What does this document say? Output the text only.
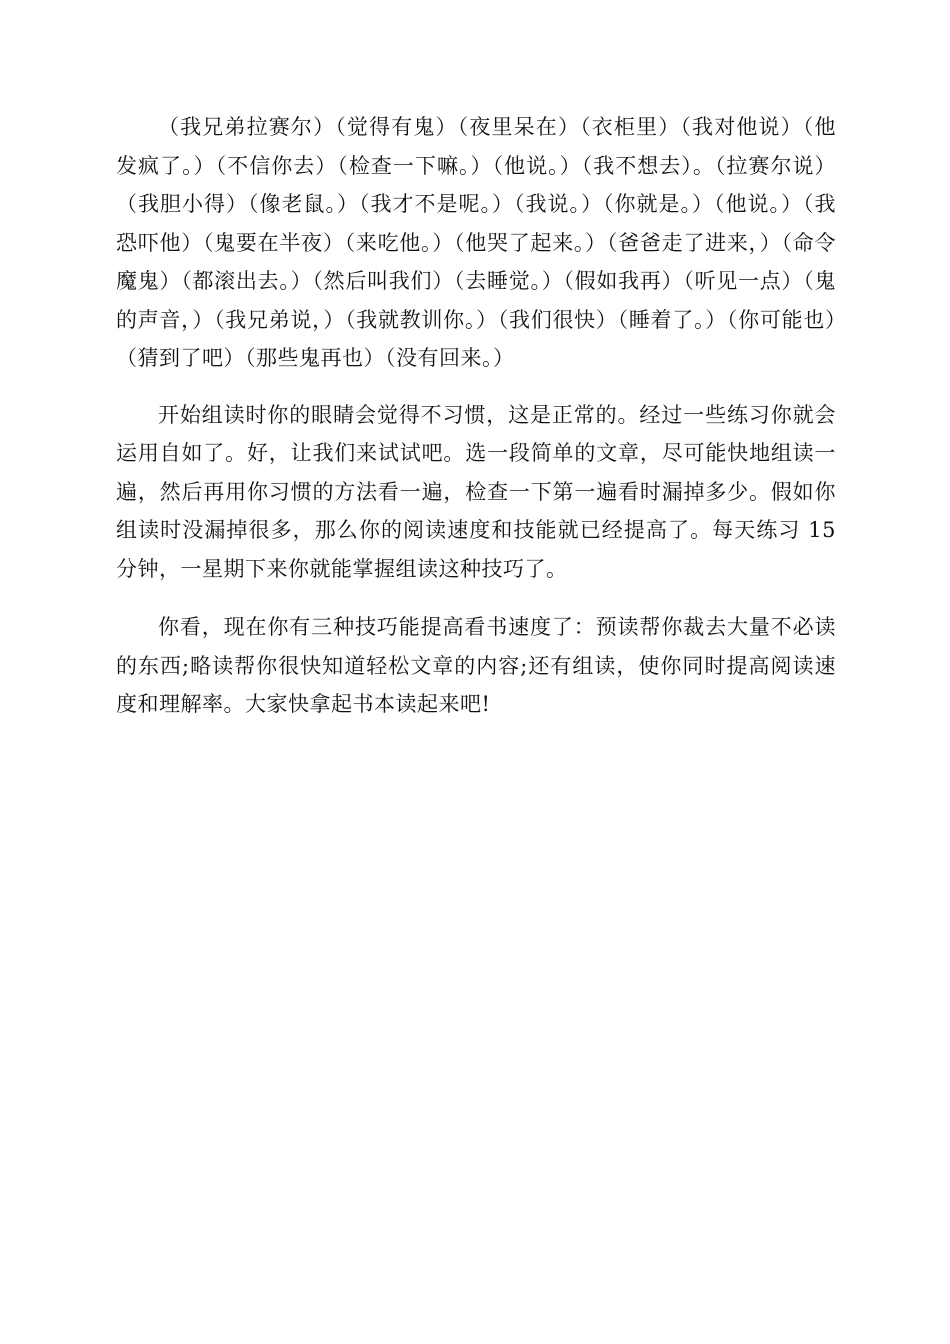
（我兄弟拉赛尔）（觉得有鬼）（夜里呆在）（衣柜里）（我对他说）（他发疯了。）（不信你去）（检查一下嘛。）（他说。）（我不想去）。（拉赛尔说）（我胆小得）（像老鼠。）（我才不是呢。）（我说。）（你就是。）（他说。）（我恐吓他）（鬼要在半夜）（来吃他。）（他哭了起来。）（爸爸走了进来，）（命令魔鬼）（都滚出去。）（然后叫我们）（去睡觉。）（假如我再）（听见一点）（鬼的声音，）（我兄弟说，）（我就教训你。）（我们很快）（睡着了。）（你可能也）（猜到了吧）（那些鬼再也）（没有回来。）

开始组读时你的眼睛会觉得不习惯，这是正常的。经过一些练习你就会运用自如了。好，让我们来试试吧。选一段简单的文章，尽可能快地组读一遍，然后再用你习惯的方法看一遍，检查一下第一遍看时漏掉多少。假如你组读时没漏掉很多，那么你的阅读速度和技能就已经提高了。每天练习 15 分钟，一星期下来你就能掌握组读这种技巧了。

你看，现在你有三种技巧能提高看书速度了：预读帮你裁去大量不必读的东西;略读帮你很快知道轻松文章的内容;还有组读，使你同时提高阅读速度和理解率。大家快拿起书本读起来吧!
